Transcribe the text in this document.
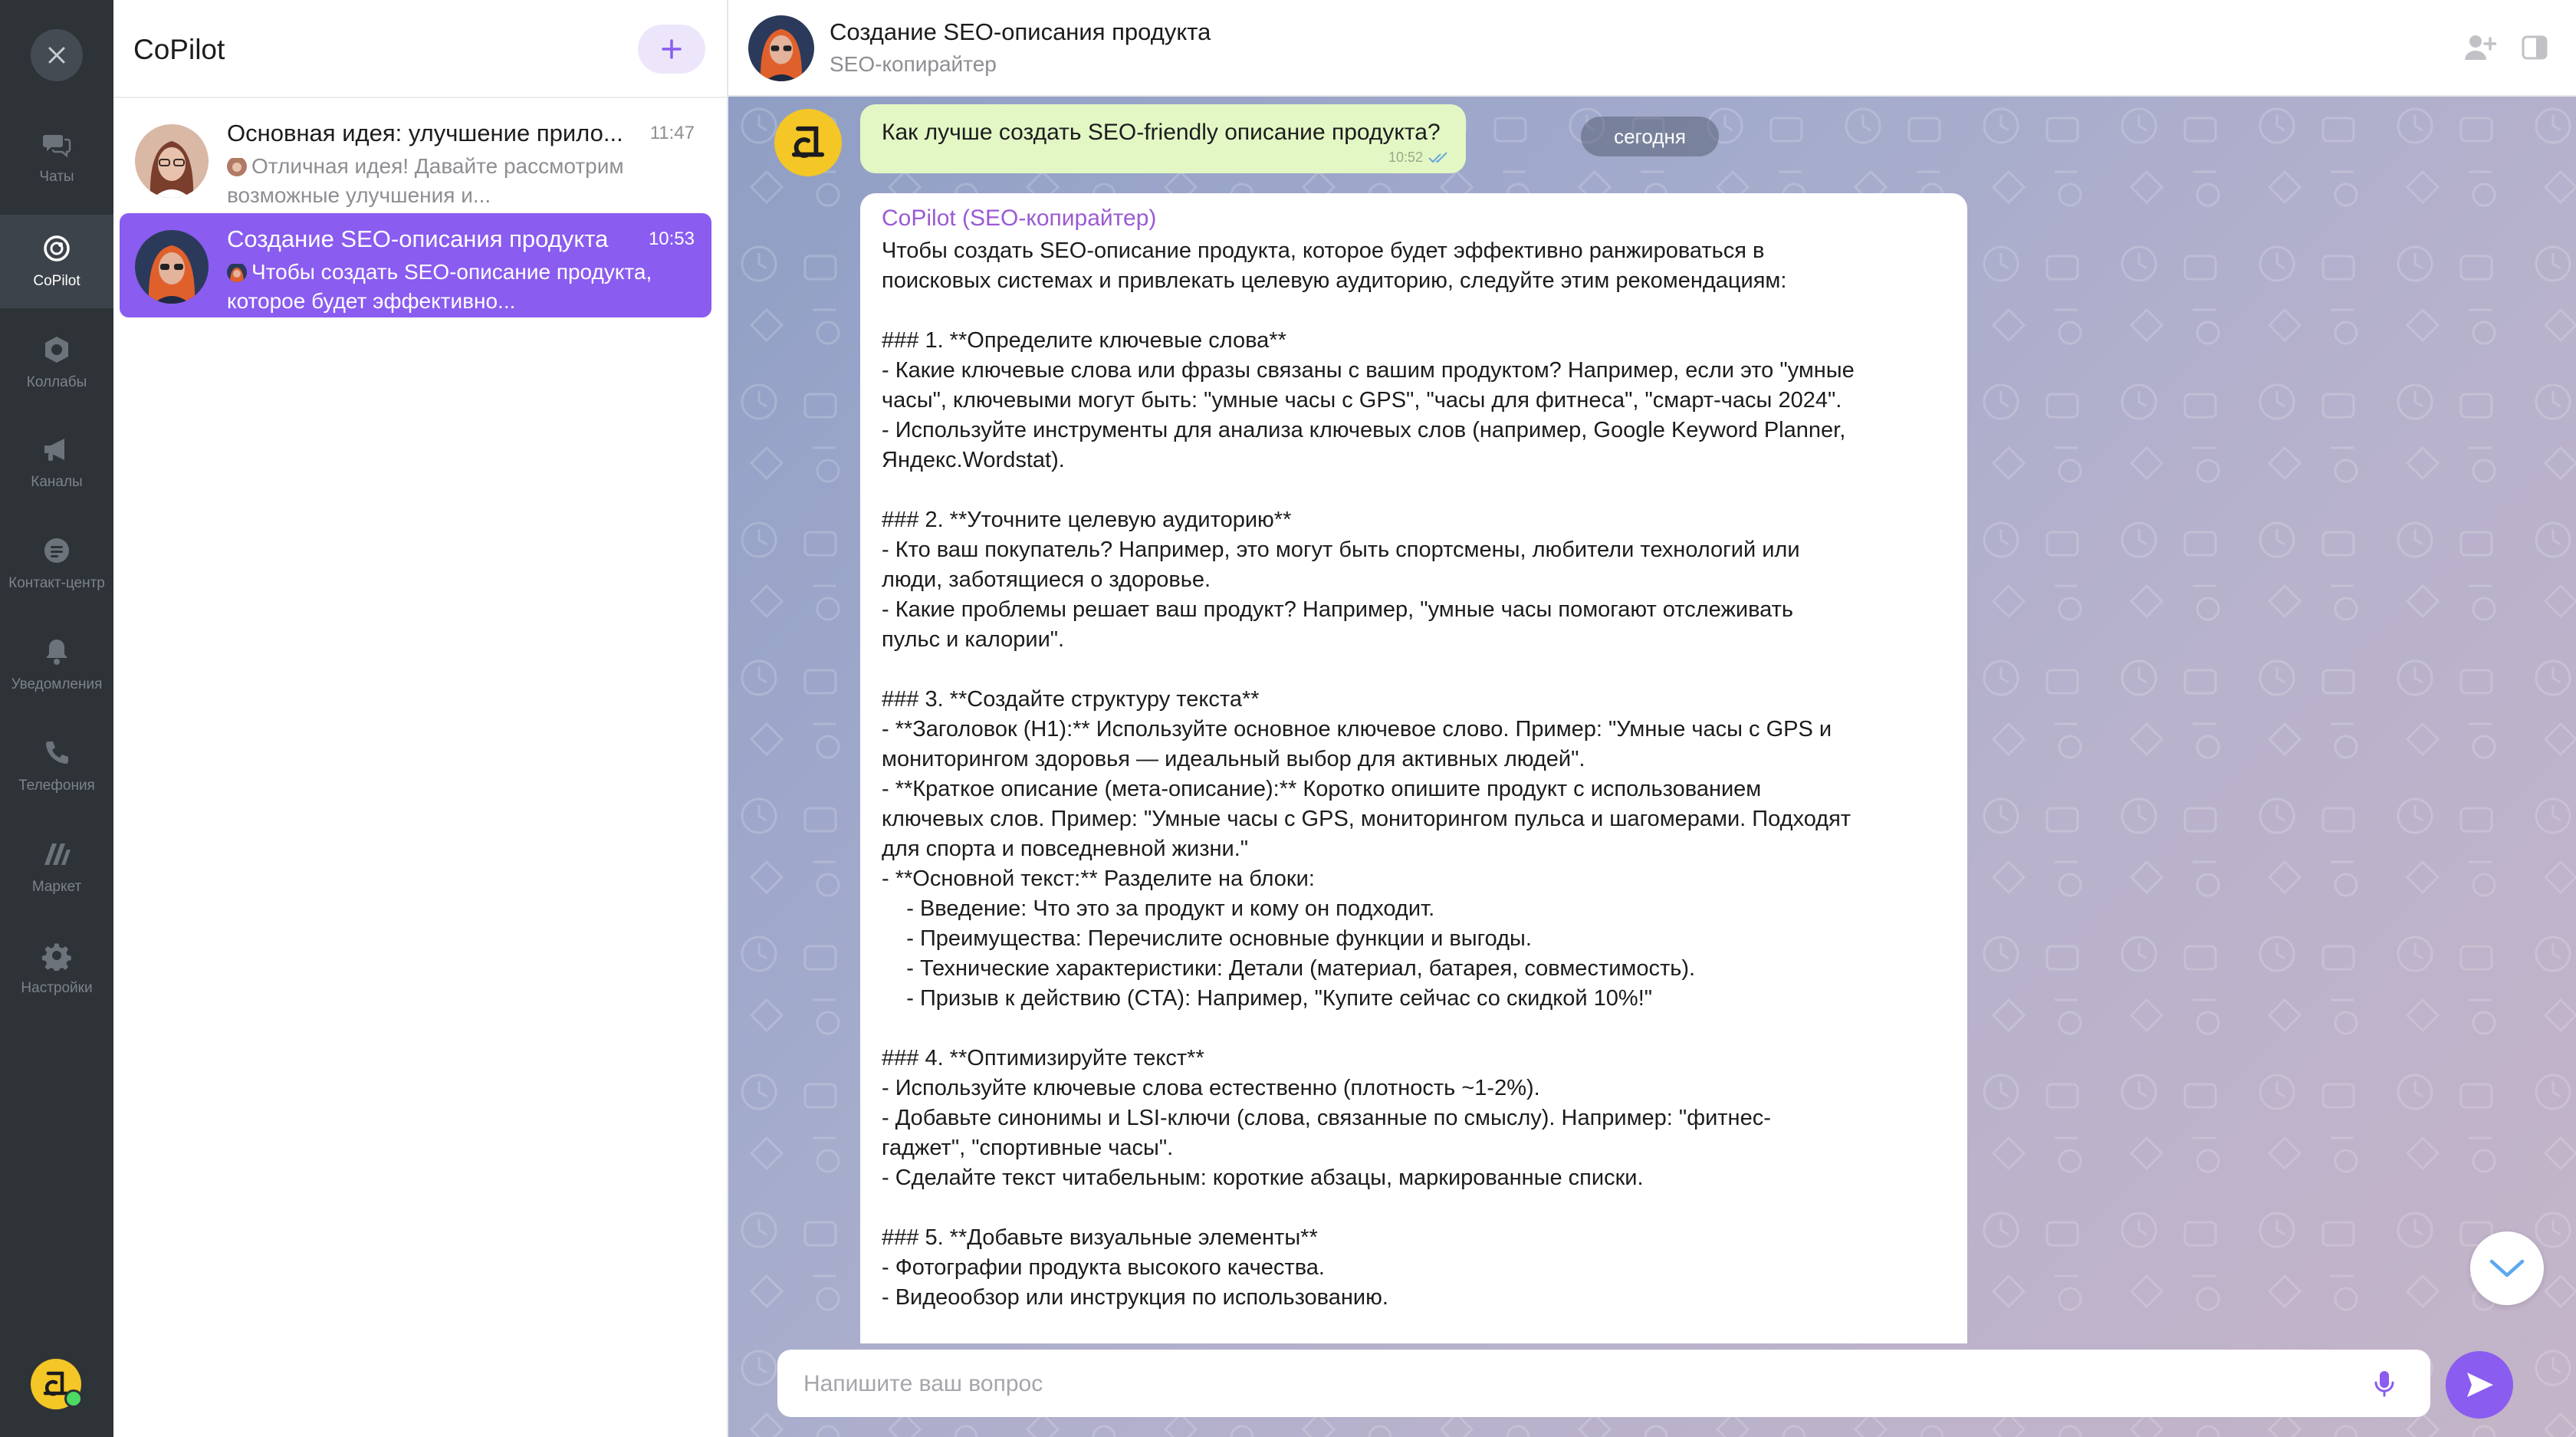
Чаты
CoPilot
Коллабы
Каналы
Контакт-центр
Уведомления
Телефония
Маркет
Настройки
CoPilot
Основная идея: улучшение прило... 11:47
Отличная идея! Давайте рассмотрим возможные улучшения и...
Создание SEO-описания продукта	10:53
Чтобы создать SEO-описание продукта, которое будет эффективно...
Создание SEO-описания продукта
SEO-копирайтер
Как лучше создать SEO-friendly описание продукта?
10:52
сегодня
CoPilot (SEO-копирайтер)

Чтобы создать SEO-описание продукта, которое будет эффективно ранжироваться в

поисковых системах и привлекать целевую аудиторию, следуйте этим рекомендациям:

### 1. **Определите ключевые слова**

- Какие ключевые слова или фразы связаны с вашим продуктом? Например, если это "умные

часы", ключевыми могут быть: "умные часы с GPS", "часы для фитнеса", "смарт-часы 2024".

- Используйте инструменты для анализа ключевых слов (например, Google Keyword Planner,

Яндекс.Wordstat).

### 2. **Уточните целевую аудиторию**

- Кто ваш покупатель? Например, это могут быть спортсмены, любители технологий или

люди, заботящиеся о здоровье.

- Какие проблемы решает ваш продукт? Например, "умные часы помогают отслеживать

пульс и калории".

### 3. **Создайте структуру текста**

- **Заголовок (H1):** Используйте основное ключевое слово. Пример: "Умные часы с GPS и

мониторингом здоровья — идеальный выбор для активных людей".

- **Краткое описание (мета-описание):** Коротко опишите продукт с использованием

ключевых слов. Пример: "Умные часы с GPS, мониторингом пульса и шагомерами. Подходят

для спорта и повседневной жизни."

- **Основной текст:** Разделите на блоки:

- Введение: Что это за продукт и кому он подходит.

- Преимущества: Перечислите основные функции и выгоды.

- Технические характеристики: Детали (материал, батарея, совместимость).

- Призыв к действию (CTA): Например, "Купите сейчас со скидкой 10%!"

### 4. **Оптимизируйте текст**

- Используйте ключевые слова естественно (плотность ~1-2%).

- Добавьте синонимы и LSI-ключи (слова, связанные по смыслу). Например: "фитнес-

гаджет", "спортивные часы".

- Сделайте текст читабельным: короткие абзацы, маркированные списки.

### 5. **Добавьте визуальные элементы**

- Фотографии продукта высокого качества.

- Видеообзор или инструкция по использованию.

Напишите ваш вопрос
